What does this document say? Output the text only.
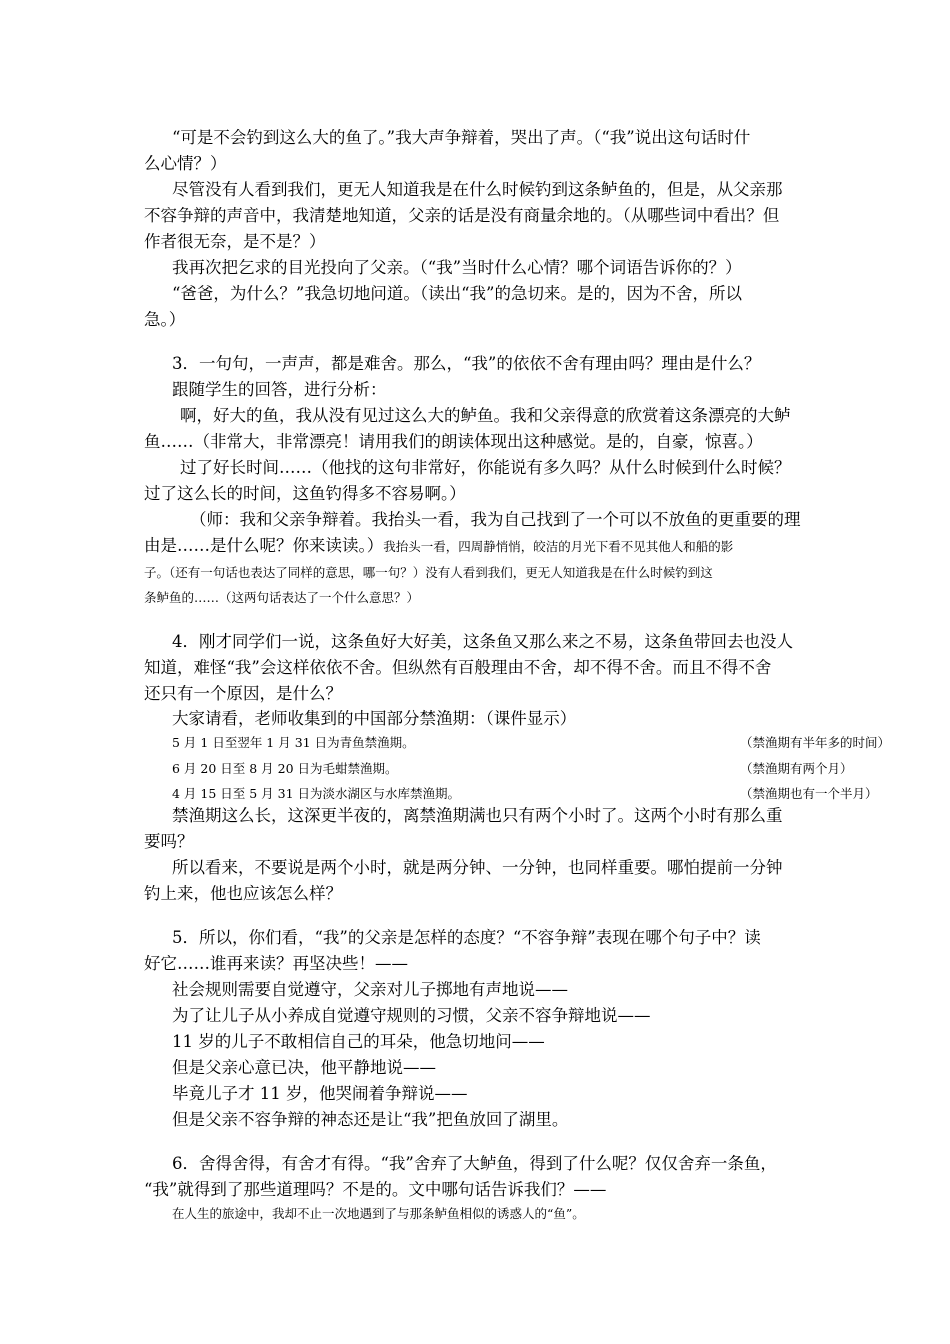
“可是不会钓到这么大的鱼了。”我大声争辩着，哭出了声。（“我”说出这句话时什
么心情？）
尽管没有人看到我们，更无人知道我是在什么时候钓到这条鲈鱼的，但是，从父亲那
不容争辩的声音中，我清楚地知道，父亲的话是没有商量余地的。（从哪些词中看出？但
作者很无奈，是不是？）
我再次把乞求的目光投向了父亲。（“我”当时什么心情？哪个词语告诉你的？）
“爸爸，为什么？”我急切地问道。（读出“我”的急切来。是的，因为不舍，所以
急。）
3．一句句，一声声，都是难舍。那么，“我”的依依不舍有理由吗？理由是什么？
跟随学生的回答，进行分析：
啊，好大的鱼，我从没有见过这么大的鲈鱼。我和父亲得意的欣赏着这条漂亮的大鲈
鱼……（非常大，非常漂亮！请用我们的朗读体现出这种感觉。是的，自豪，惊喜。）
过了好长时间……（他找的这句非常好，你能说有多久吗？从什么时候到什么时候？
过了这么长的时间，这鱼钓得多不容易啊。）
（师：我和父亲争辩着。我抬头一看，我为自己找到了一个可以不放鱼的更重要的理
由是……是什么呢？你来读读。）我抬头一看，四周静悄悄，皎洁的月光下看不见其他人和船的影
子。（还有一句话也表达了同样的意思，哪一句？）没有人看到我们，更无人知道我是在什么时候钓到这
条鲈鱼的……（这两句话表达了一个什么意思？）
4．刚才同学们一说，这条鱼好大好美，这条鱼又那么来之不易，这条鱼带回去也没人
知道，难怪“我”会这样依依不舍。但纵然有百般理由不舍，却不得不舍。而且不得不舍
还只有一个原因，是什么？
大家请看，老师收集到的中国部分禁渔期：（课件显示）
5 月 1 日至翌年 1 月 31 日为青鱼禁渔期。	（禁渔期有半年多的时间）
6 月 20 日至 8 月 20 日为毛蚶禁渔期。	（禁渔期有两个月）
4 月 15 日至 5 月 31 日为淡水湖区与水库禁渔期。	（禁渔期也有一个半月）
禁渔期这么长，这深更半夜的，离禁渔期满也只有两个小时了。这两个小时有那么重
要吗？
所以看来，不要说是两个小时，就是两分钟、一分钟，也同样重要。哪怕提前一分钟
钓上来，他也应该怎么样？
5．所以，你们看，“我”的父亲是怎样的态度？“不容争辩”表现在哪个句子中？读
好它……谁再来读？再坚决些！——
社会规则需要自觉遵守，父亲对儿子掷地有声地说——
为了让儿子从小养成自觉遵守规则的习惯，父亲不容争辩地说——
11 岁的儿子不敢相信自己的耳朵，他急切地问——
但是父亲心意已决，他平静地说——
毕竟儿子才 11 岁，他哭闹着争辩说——
但是父亲不容争辩的神态还是让“我”把鱼放回了湖里。
6．舍得舍得，有舍才有得。“我”舍弃了大鲈鱼，得到了什么呢？仅仅舍弃一条鱼，
“我”就得到了那些道理吗？不是的。文中哪句话告诉我们？——
在人生的旅途中，我却不止一次地遇到了与那条鲈鱼相似的诱惑人的“鱼”。
